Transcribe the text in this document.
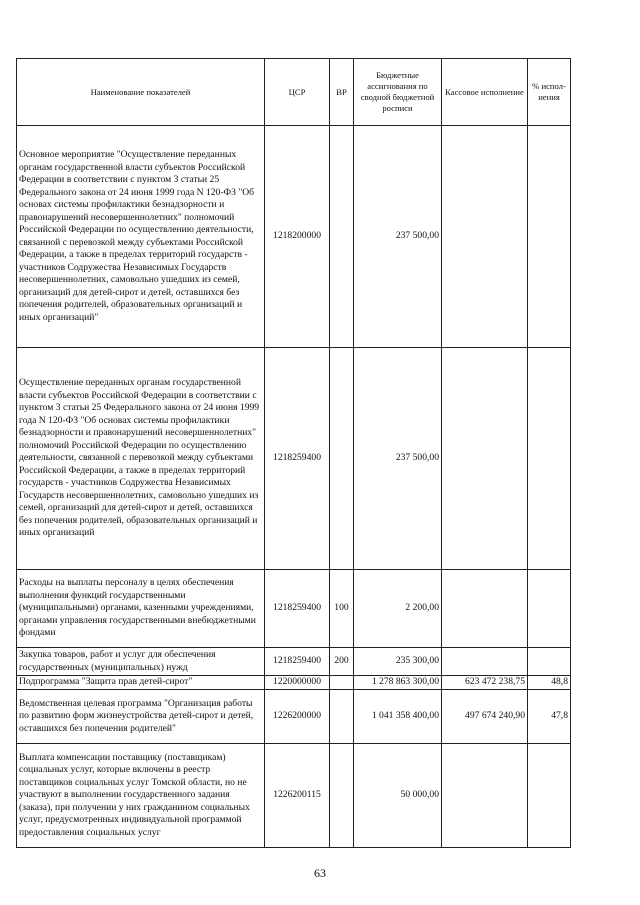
Наименование показателей	ЦСР	ВР	Бюджетные ассигнования по сводной бюджетной росписи	Кассовое исполнение	% испол-нения
Основное мероприятие "Осуществление переданных органам государственной власти субъектов Российской Федерации в соответствии с пунктом 3 статьи 25 Федерального закона от 24 июня 1999 года N 120-ФЗ "Об основах системы профилактики безнадзорности и правонарушений несовершеннолетних" полномочий Российской Федерации по осуществлению деятельности, связанной с перевозкой между субъектами Российской Федерации, а также в пределах территорий государств - участников Содружества Независимых Государств несовершеннолетних, самовольно ушедших из семей, организаций для детей-сирот и детей, оставшихся без попечения родителей, образовательных организаций и иных организаций"	1218200000		237 500,00		
Осуществление переданных органам государственной власти субъектов Российской Федерации в соответствии с пунктом 3 статьи 25 Федерального закона от 24 июня 1999 года N 120-ФЗ "Об основах системы профилактики безнадзорности и правонарушений несовершеннолетних" полномочий Российской Федерации по осуществлению деятельности, связанной с перевозкой между субъектами Российской Федерации, а также в пределах территорий государств - участников Содружества Независимых Государств несовершеннолетних, самовольно ушедших из семей, организаций для детей-сирот и детей, оставшихся без попечения родителей, образовательных организаций и иных организаций	1218259400		237 500,00		
Расходы на выплаты персоналу в целях обеспечения выполнения функций государственными (муниципальными) органами, казенными учреждениями, органами управления государственными внебюджетными фондами	1218259400	100	2 200,00		
Закупка товаров, работ и услуг для обеспечения государственных (муниципальных) нужд	1218259400	200	235 300,00		
Подпрограмма "Защита прав детей-сирот"	1220000000		1 278 863 300,00	623 472 238,75	48,8
Ведомственная целевая программа "Организация работы по развитию форм жизнеустройства детей-сирот и детей, оставшихся без попечения родителей"	1226200000		1 041 358 400,00	497 674 240,90	47,8
Выплата компенсации поставщику (поставщикам) социальных услуг, которые включены в реестр поставщиков социальных услуг Томской области, но не участвуют в выполнении государственного задания (заказа), при получении у них гражданином социальных услуг, предусмотренных индивидуальной программой предоставления социальных услуг	1226200115		50 000,00		
63
